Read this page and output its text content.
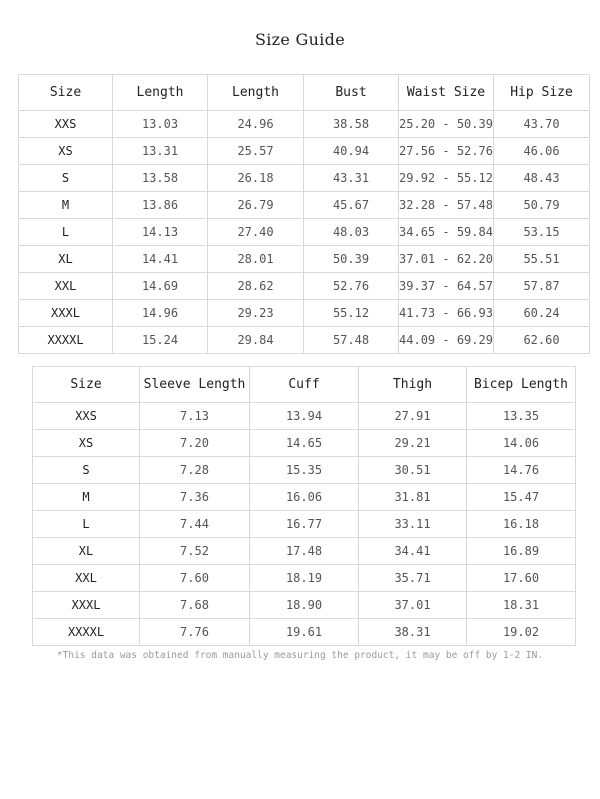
Size Guide
Size	Length	Length	Bust	Waist Size	Hip Size
XXS	13.03	24.96	38.58	25.20 - 50.39	43.70
XS	13.31	25.57	40.94	27.56 - 52.76	46.06
S	13.58	26.18	43.31	29.92 - 55.12	48.43
M	13.86	26.79	45.67	32.28 - 57.48	50.79
L	14.13	27.40	48.03	34.65 - 59.84	53.15
XL	14.41	28.01	50.39	37.01 - 62.20	55.51
XXL	14.69	28.62	52.76	39.37 - 64.57	57.87
XXXL	14.96	29.23	55.12	41.73 - 66.93	60.24
XXXXL	15.24	29.84	57.48	44.09 - 69.29	62.60
Size	Sleeve Length	Cuff	Thigh	Bicep Length
XXS	7.13	13.94	27.91	13.35
XS	7.20	14.65	29.21	14.06
S	7.28	15.35	30.51	14.76
M	7.36	16.06	31.81	15.47
L	7.44	16.77	33.11	16.18
XL	7.52	17.48	34.41	16.89
XXL	7.60	18.19	35.71	17.60
XXXL	7.68	18.90	37.01	18.31
XXXXL	7.76	19.61	38.31	19.02
*This data was obtained from manually measuring the product, it may be off by 1-2 IN.
